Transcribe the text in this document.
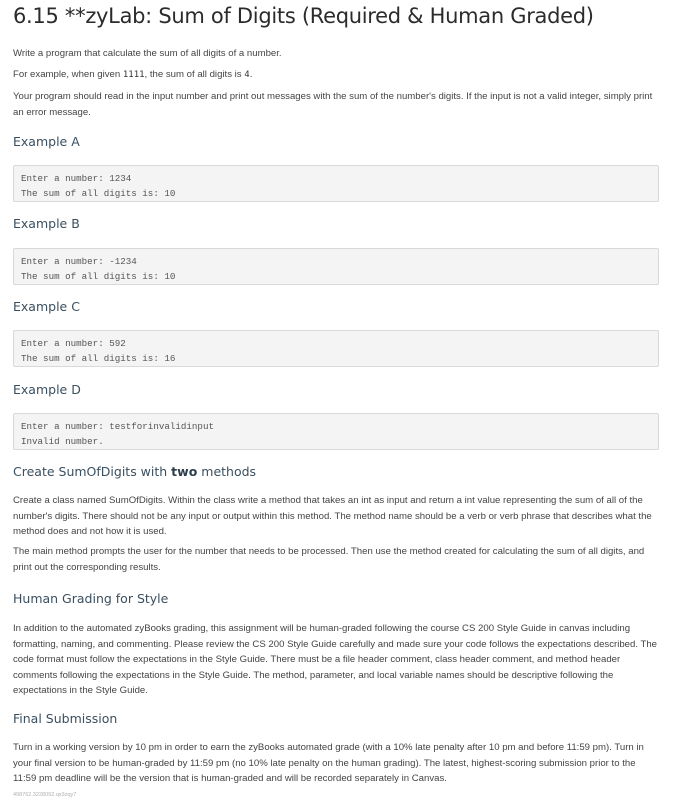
6.15 **zyLab: Sum of Digits (Required & Human Graded)

Write a program that calculate the sum of all digits of a number.

For example, when given 1111, the sum of all digits is 4.

Your program should read in the input number and print out messages with the sum of the number's digits. If the input is not a valid integer, simply print an error message.

Example A
Enter a number: 1234
The sum of all digits is: 10
Example B
Enter a number: -1234
The sum of all digits is: 10
Example C
Enter a number: 592
The sum of all digits is: 16
Example D
Enter a number: testforinvalidinput
Invalid number.
Create SumOfDigits with two methods

Create a class named SumOfDigits. Within the class write a method that takes an int as input and return a int value representing the sum of all of the number's digits. There should not be any input or output within this method. The method name should be a verb or verb phrase that describes what the method does and not how it is used.

The main method prompts the user for the number that needs to be processed. Then use the method created for calculating the sum of all digits, and print out the corresponding results.

Human Grading for Style

In addition to the automated zyBooks grading, this assignment will be human-graded following the course CS 200 Style Guide in canvas including formatting, naming, and commenting. Please review the CS 200 Style Guide carefully and made sure your code follows the expectations described. The code format must follow the expectations in the Style Guide. There must be a file header comment, class header comment, and method header comments following the expectations in the Style Guide. The method, parameter, and local variable names should be descriptive following the expectations in the Style Guide.

Final Submission

Turn in a working version by 10 pm in order to earn the zyBooks automated grade (with a 10% late penalty after 10 pm and before 11:59 pm). Turn in your final version to be human-graded by 11:59 pm (no 10% late penalty on the human grading). The latest, highest-scoring submission prior to the 11:59 pm deadline will be the version that is human-graded and will be recorded separately in Canvas.

498762.3228092.qx3zqy7
